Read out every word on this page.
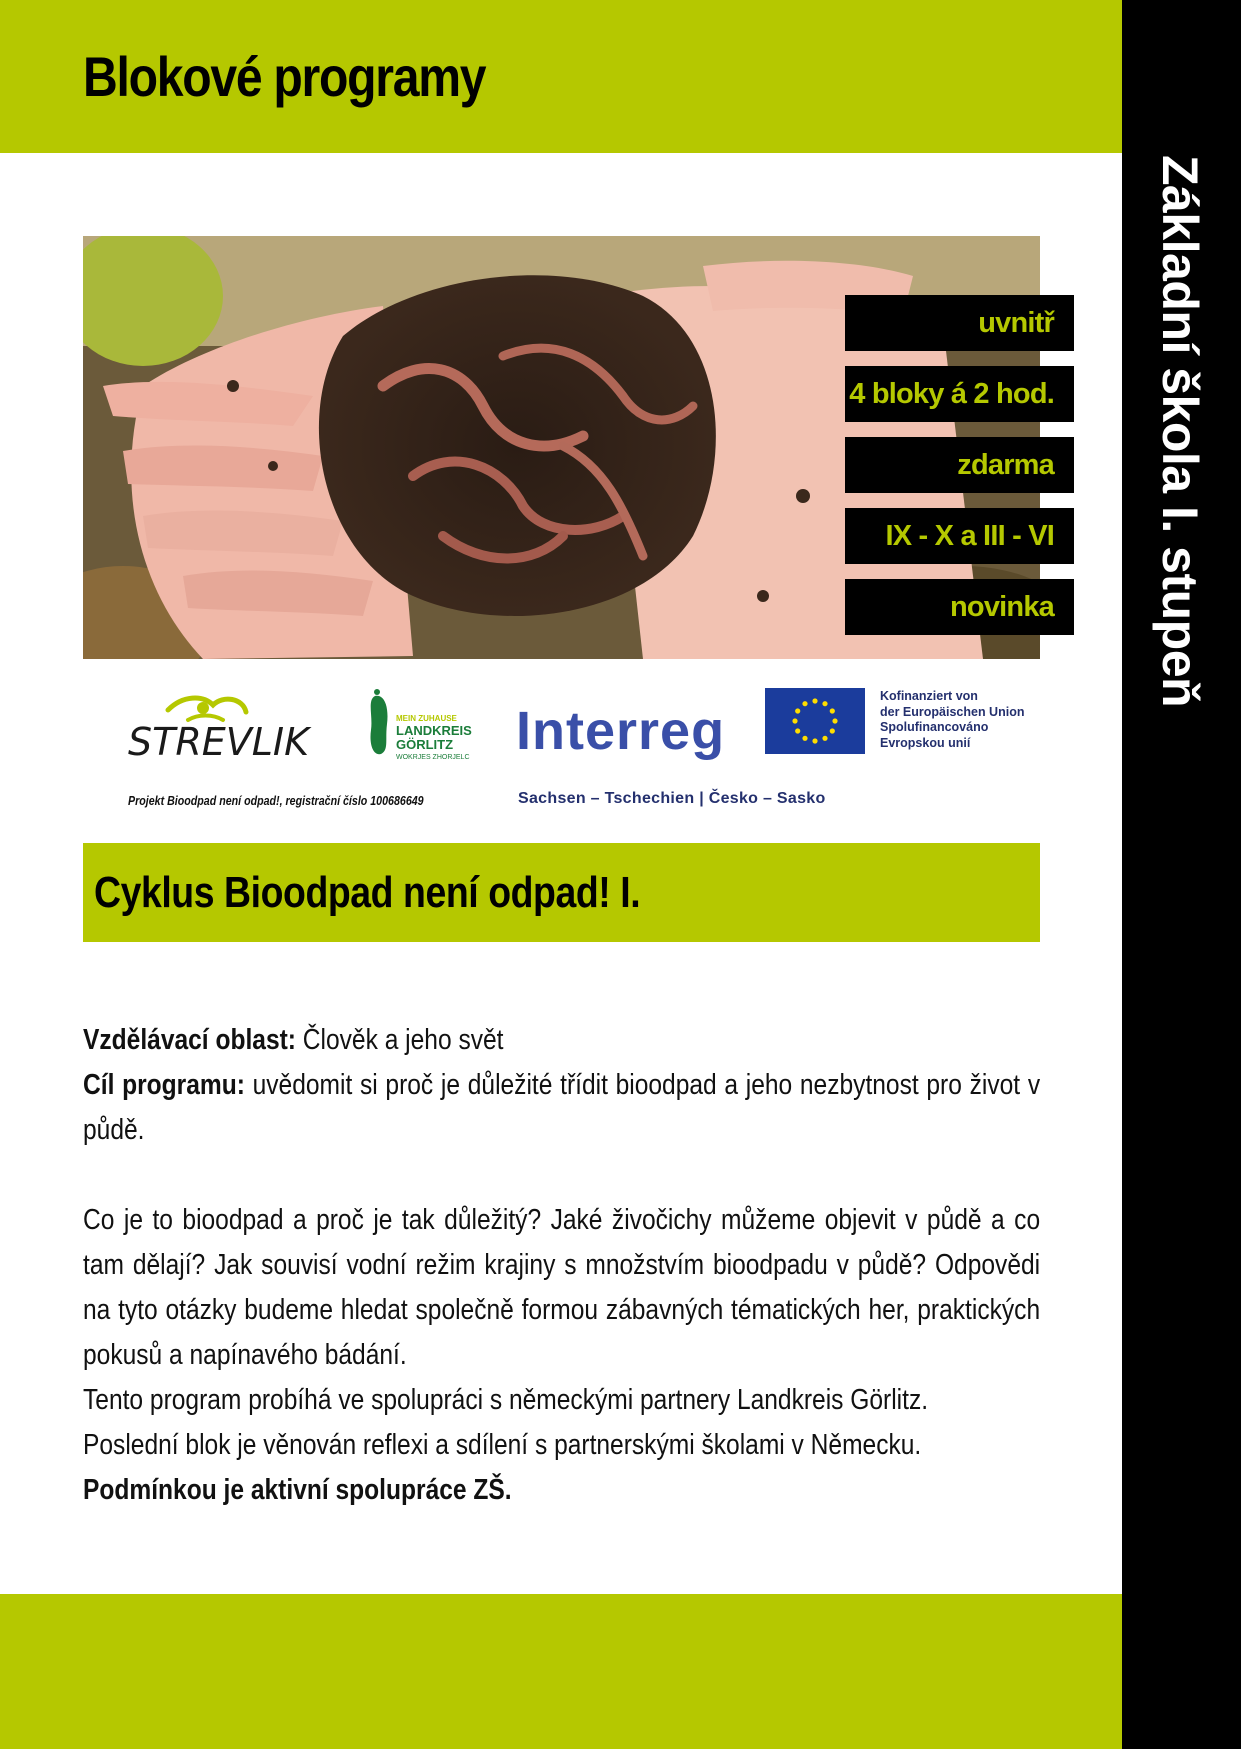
Blokové programy
Základní škola I. stupeň
uvnitř
4 bloky á 2 hod.
zdarma
IX - X a III - VI
novinka
STREVLIK
MEIN ZUHAUSE
LANDKREIS
GÖRLITZ
WOKRJES ZHORJELC Interreg
Kofinanziert von
der Europäischen Union
Spolufinancováno
Evropskou unií
Projekt Bioodpad není odpad!, registrační číslo 100686649	Sachsen – Tschechien | Česko – Sasko
Cyklus Bioodpad není odpad! I.

Vzdělávací oblast: Člověk a jeho svět

Cíl programu: uvědomit si proč je důležité třídit bioodpad a jeho nezbytnost pro život v půdě.

Co je to bioodpad a proč je tak důležitý? Jaké živočichy můžeme objevit v půdě a co tam dělají? Jak souvisí vodní režim krajiny s množstvím bioodpadu v půdě? Odpovědi na tyto otázky budeme hledat společně formou zábavných tématických her, praktických pokusů a napínavého bádání.

Tento program probíhá ve spolupráci s německými partnery Landkreis Görlitz.

Poslední blok je věnován reflexi a sdílení s partnerskými školami v Německu.

Podmínkou je aktivní spolupráce ZŠ.
